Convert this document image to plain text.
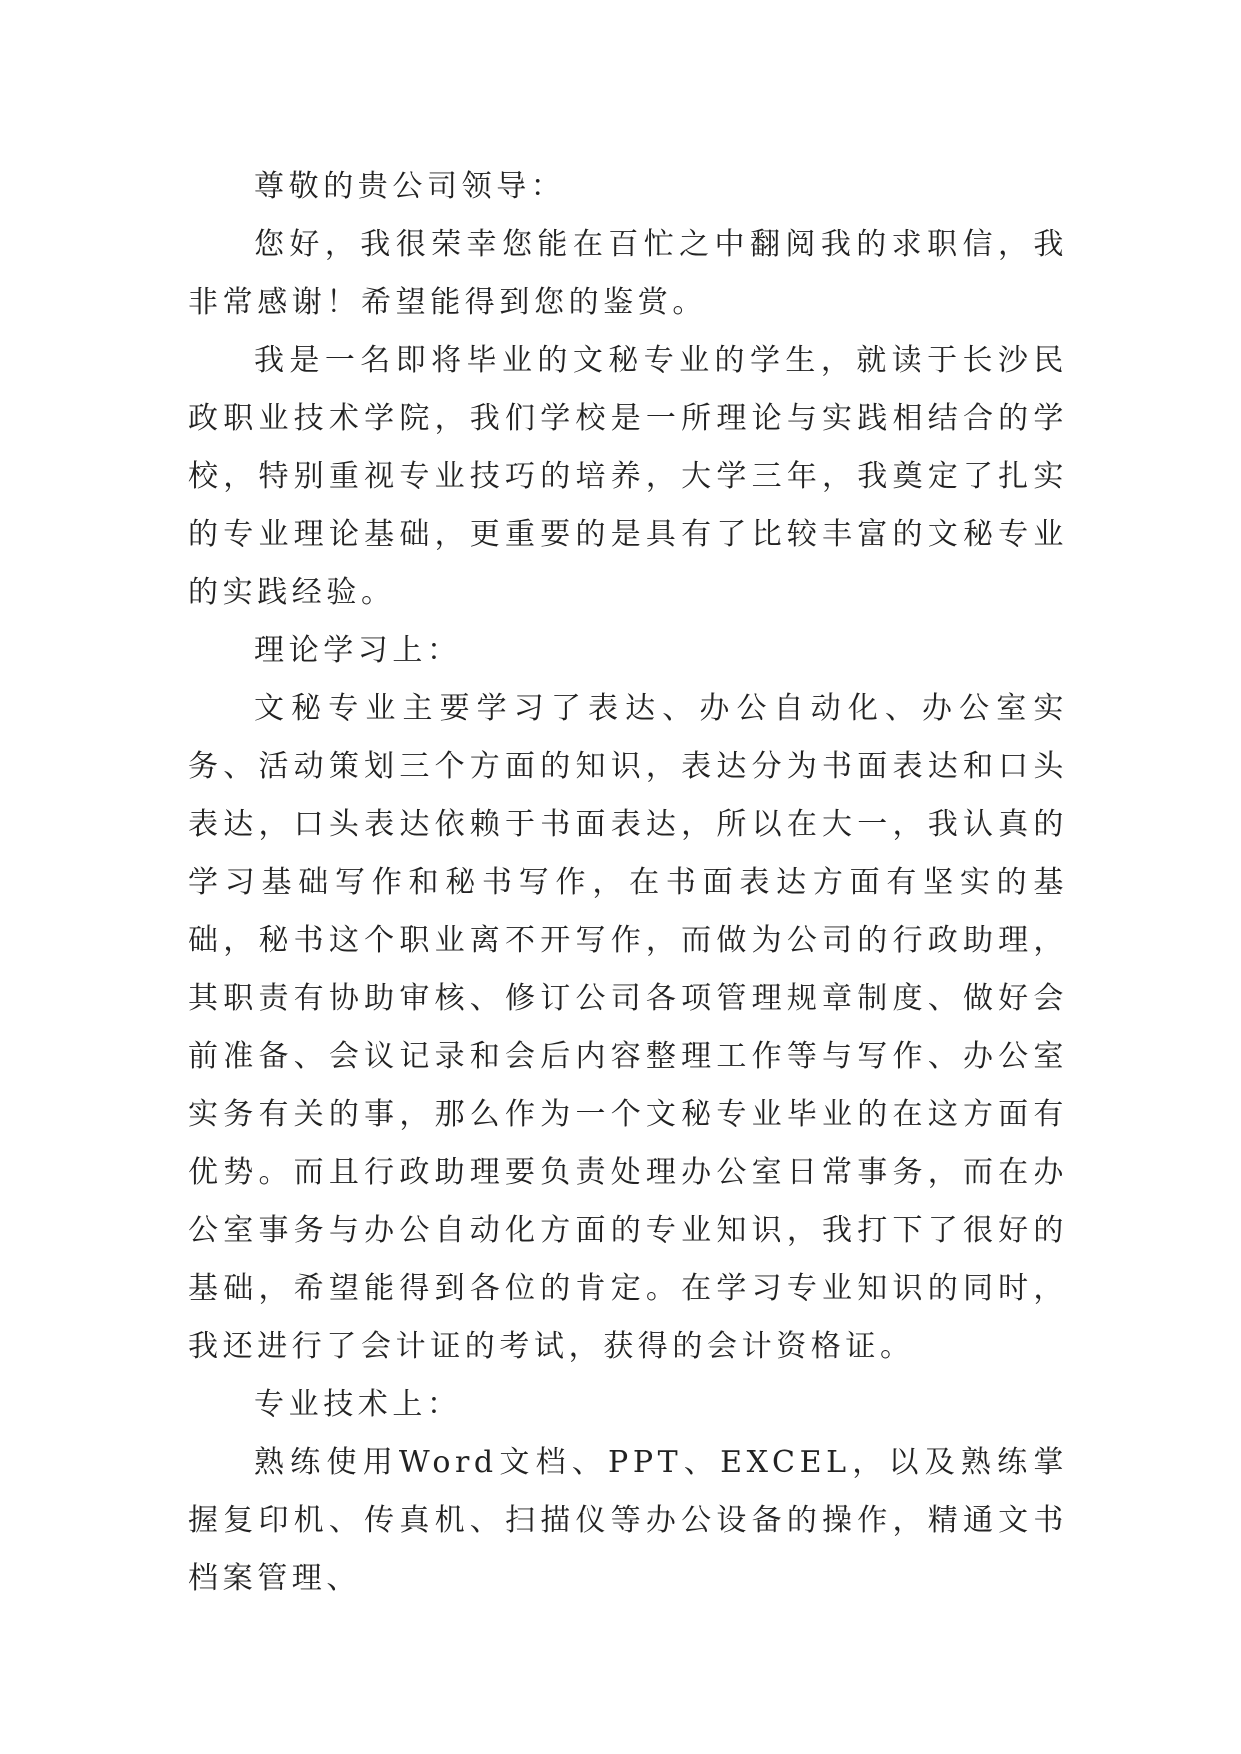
尊敬的贵公司领导：

您好，我很荣幸您能在百忙之中翻阅我的求职信，我非常感谢！希望能得到您的鉴赏。

我是一名即将毕业的文秘专业的学生，就读于长沙民政职业技术学院，我们学校是一所理论与实践相结合的学校，特别重视专业技巧的培养，大学三年，我奠定了扎实的专业理论基础，更重要的是具有了比较丰富的文秘专业的实践经验。

理论学习上：

文秘专业主要学习了表达、办公自动化、办公室实务、活动策划三个方面的知识，表达分为书面表达和口头表达，口头表达依赖于书面表达，所以在大一，我认真的学习基础写作和秘书写作，在书面表达方面有坚实的基础，秘书这个职业离不开写作，而做为公司的行政助理，其职责有协助审核、修订公司各项管理规章制度、做好会前准备、会议记录和会后内容整理工作等与写作、办公室实务有关的事，那么作为一个文秘专业毕业的在这方面有优势。而且行政助理要负责处理办公室日常事务，而在办公室事务与办公自动化方面的专业知识，我打下了很好的基础，希望能得到各位的肯定。在学习专业知识的同时，我还进行了会计证的考试，获得的会计资格证。

专业技术上：

熟练使用Word文档、PPT、EXCEL，以及熟练掌握复印机、传真机、扫描仪等办公设备的操作，精通文书档案管理、
